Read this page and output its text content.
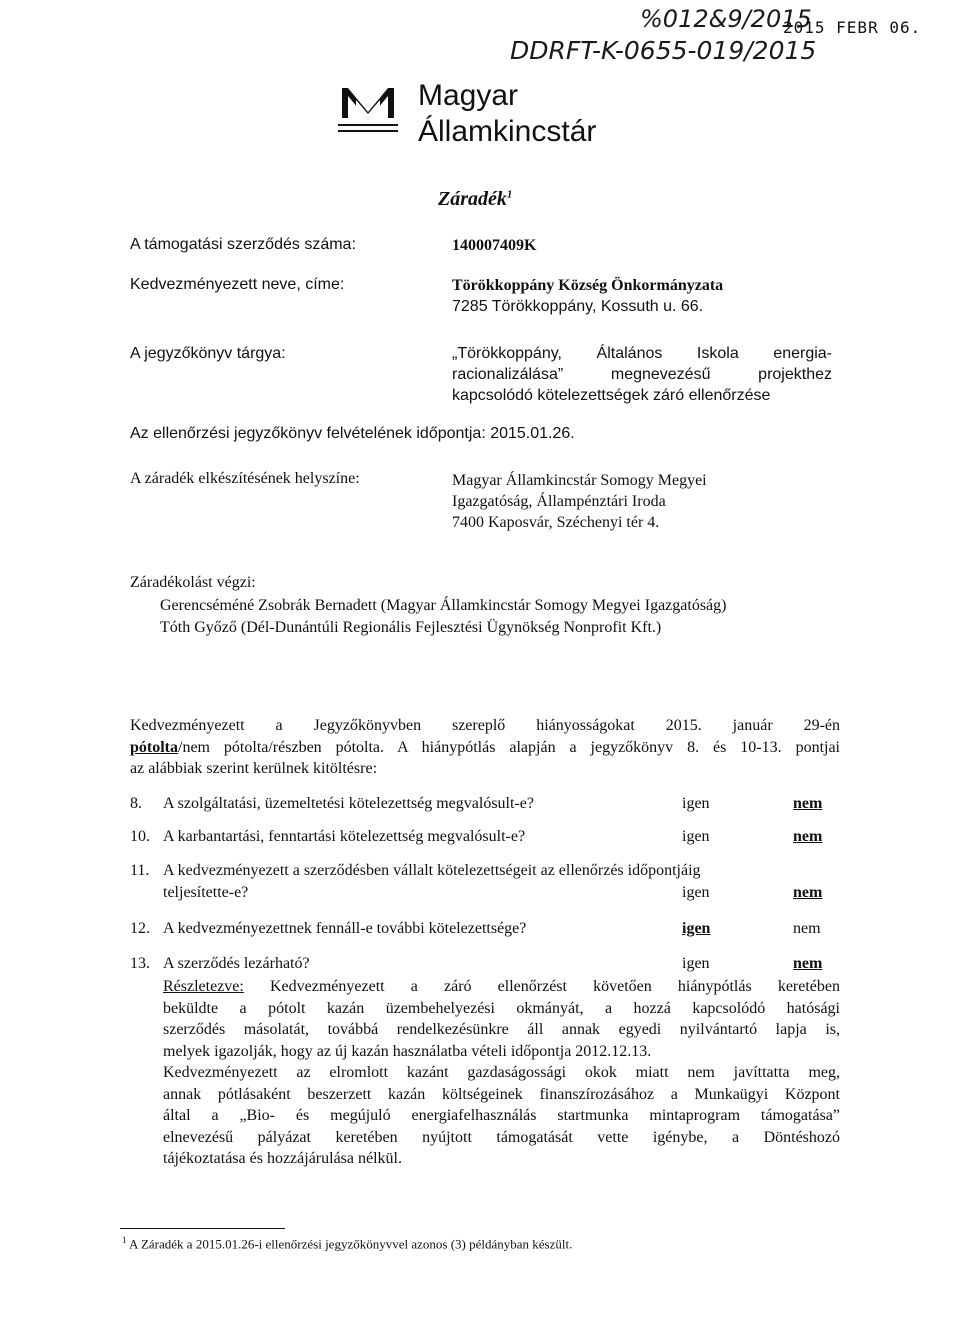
%012&9/2015
DDRFT-K-0655-019/2015
2015 FEBR 06.
Magyar
Államkincstár
Záradék$^1$
A támogatási szerződés száma:	140007409K
Kedvezményezett neve, címe:	Törökkoppány Község Önkormányzata
7285 Törökkoppány, Kossuth u. 66.
A jegyzőkönyv tárgya:	„Törökkoppány, Általános Iskola energia-
racionalizálása” megnevezésű projekthez
kapcsolódó kötelezettségek záró ellenőrzése
Az ellenőrzési jegyzőkönyv felvételének időpontja: 2015.01.26.
A záradék elkészítésének helyszíne:	Magyar Államkincstár Somogy Megyei
Igazgatóság, Állampénztári Iroda
7400 Kaposvár, Széchenyi tér 4.
Záradékolást végzi:
Gerencséméné Zsobrák Bernadett (Magyar Államkincstár Somogy Megyei Igazgatóság)
Tóth Győző (Dél-Dunántúli Regionális Fejlesztési Ügynökség Nonprofit Kft.)
Kedvezményezett a Jegyzőkönyvben szereplő hiányosságokat 2015. január 29-én
pótolta/nem pótolta/részben pótolta. A hiánypótlás alapján a jegyzőkönyv 8. és 10-13. pontjai
az alábbiak szerint kerülnek kitöltésre:
8. A szolgáltatási, üzemeltetési kötelezettség megvalósult-e?	igen	nem
10. A karbantartási, fenntartási kötelezettség megvalósult-e?	igen	nem
11. A kedvezményezett a szerződésben vállalt kötelezettségeit az ellenőrzés időpontjáig
teljesítette-e?	igen	nem
12. A kedvezményezettnek fennáll-e további kötelezettsége?	igen	nem
13. A szerződés lezárható?	igen	nem
Részletezve: Kedvezményezett a záró ellenőrzést követően hiánypótlás keretében
beküldte a pótolt kazán üzembehelyezési okmányát, a hozzá kapcsolódó hatósági
szerződés másolatát, továbbá rendelkezésünkre áll annak egyedi nyilvántartó lapja is,
melyek igazolják, hogy az új kazán használatba vételi időpontja 2012.12.13.
Kedvezményezett az elromlott kazánt gazdaságossági okok miatt nem javíttatta meg,
annak pótlásaként beszerzett kazán költségeinek finanszírozásához a Munkaügyi Központ
által a „Bio- és megújuló energiafelhasználás startmunka mintaprogram támogatása”
elnevezésű pályázat keretében nyújtott támogatását vette igénybe, a Döntéshozó
tájékoztatása és hozzájárulása nélkül.
$^1$ A Záradék a 2015.01.26-i ellenőrzési jegyzőkönyvvel azonos (3) példányban készült.
